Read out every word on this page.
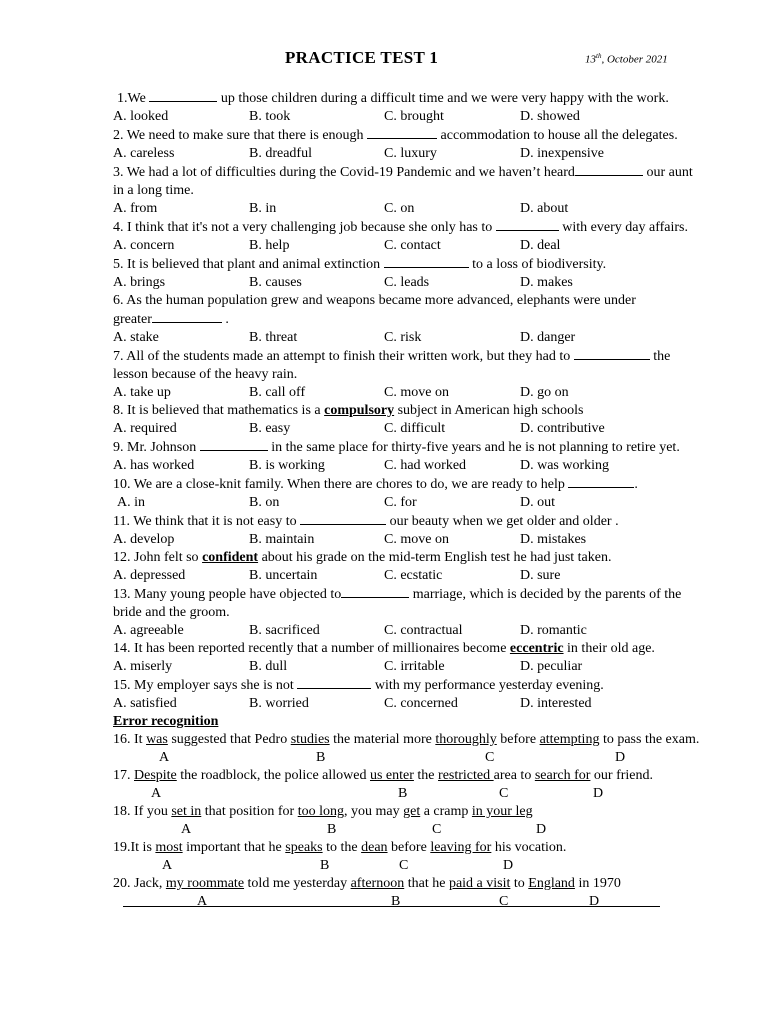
PRACTICE TEST 1	13th, October 2021
1.We	up those children during a difficult time and we were very happy with the work.
A. looked	B. took	C. brought	D. showed
2. We need to make sure that there is enough	accommodation to house all the delegates.
A. careless	B. dreadful	C. luxury	D. inexpensive
3. We had a lot of difficulties during the Covid-19 Pandemic and we haven’t heard	our aunt
in a long time.
A. from	B. in	C. on	D. about
4. I think that it's not a very challenging job because she only has to	with every day affairs.
A. concern	B. help	C. contact	D. deal
5. It is believed that plant and animal extinction	to a loss of biodiversity.
A. brings	B. causes	C. leads	D. makes
6. As the human population grew and weapons became more advanced, elephants were under
greater	.
A. stake	B. threat	C. risk	D. danger
7. All of the students made an attempt to finish their written work, but they had to	the
lesson because of the heavy rain.
A. take up	B. call off	C. move on	D. go on
8. It is believed that mathematics is a compulsory subject in American high schools
A. required	B. easy	C. difficult	D. contributive
9. Mr. Johnson	in the same place for thirty-five years and he is not planning to retire yet.
A. has worked	B. is working	C. had worked	D. was working
10. We are a close-knit family. When there are chores to do, we are ready to help	.
A. in	B. on	C. for	D. out
11. We think that it is not easy to	our beauty when we get older and older .
A. develop	B. maintain	C. move on	D. mistakes
12. John felt so confident about his grade on the mid-term English test he had just taken.
A. depressed	B. uncertain	C. ecstatic	D. sure
13. Many young people have objected to	marriage, which is decided by the parents of the
bride and the groom.
A. agreeable	B. sacrificed	C. contractual	D. romantic
14. It has been reported recently that a number of millionaires become eccentric in their old age.
A. miserly	B. dull	C. irritable	D. peculiar
15. My employer says she is not	with my performance yesterday evening.
A. satisfied	B. worried	C. concerned	D. interested
Error recognition
16. It was suggested that Pedro studies the material more thoroughly before attempting to pass the exam.
A	B	C	D
17. Despite the roadblock, the police allowed us enter the restricted area to search for our friend.
A	B	C	D
18. If you set in that position for too long, you may get a cramp in your leg
A	B	C	D
19.It is most important that he speaks to the dean before leaving for his vocation.
A	B	C	D
20. Jack, my roommate told me yesterday afternoon that he paid a visit to England in 1970
A	B	C	D
